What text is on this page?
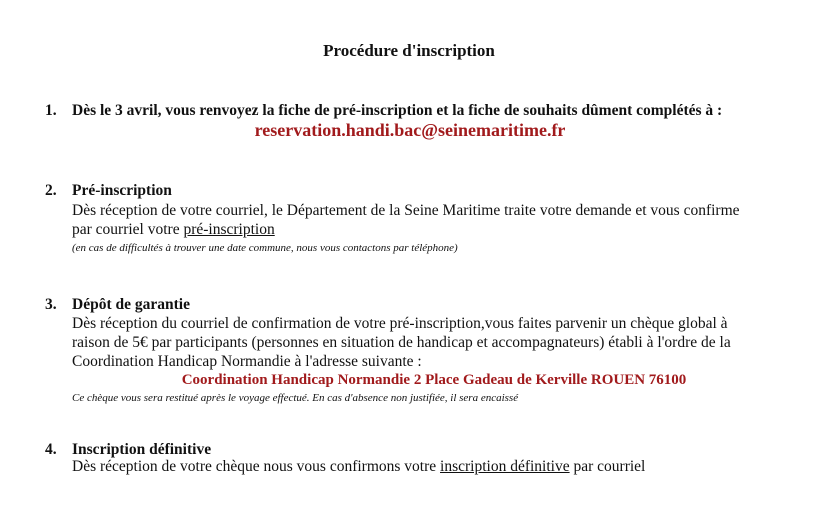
Procédure d'inscription
1. Dès le 3 avril, vous renvoyez la fiche de pré-inscription et la fiche de souhaits dûment complétés à :
reservation.handi.bac@seinemaritime.fr
2. Pré-inscription
Dès réception de votre courriel, le Département de la Seine Maritime traite votre demande et vous confirme
par courriel votre pré-inscription
(en cas de difficultés à trouver une date commune, nous vous contactons par téléphone)
3. Dépôt de garantie
Dès réception du courriel de confirmation de votre pré-inscription,vous faites parvenir un chèque global à
raison de 5€ par participants (personnes en situation de handicap et accompagnateurs) établi à l'ordre de la
Coordination Handicap Normandie à l'adresse suivante :
Coordination Handicap Normandie 2 Place Gadeau de Kerville ROUEN 76100
Ce chèque vous sera restitué après le voyage effectué. En cas d'absence non justifiée, il sera encaissé
4. Inscription définitive
Dès réception de votre chèque nous vous confirmons votre inscription définitive par courriel
